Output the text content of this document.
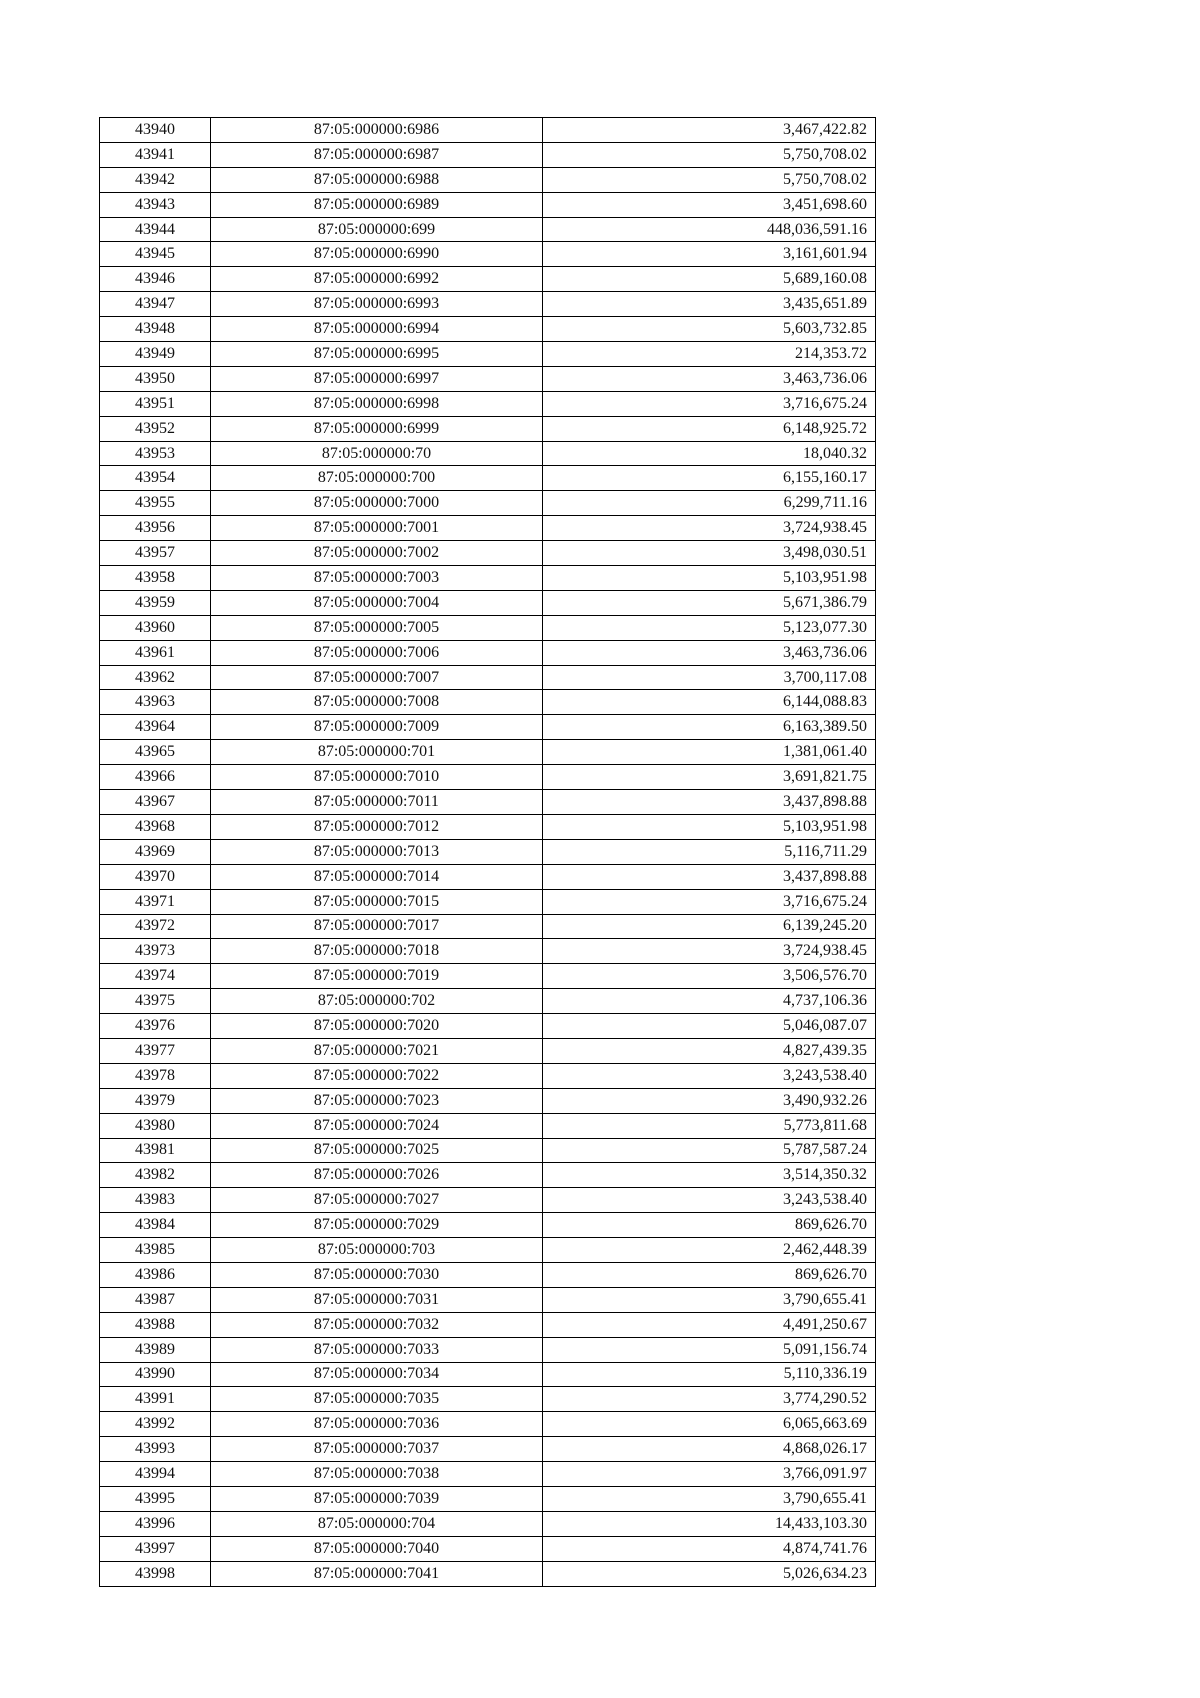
43940	87:05:000000:6986	3,467,422.82
43941	87:05:000000:6987	5,750,708.02
43942	87:05:000000:6988	5,750,708.02
43943	87:05:000000:6989	3,451,698.60
43944	87:05:000000:699	448,036,591.16
43945	87:05:000000:6990	3,161,601.94
43946	87:05:000000:6992	5,689,160.08
43947	87:05:000000:6993	3,435,651.89
43948	87:05:000000:6994	5,603,732.85
43949	87:05:000000:6995	214,353.72
43950	87:05:000000:6997	3,463,736.06
43951	87:05:000000:6998	3,716,675.24
43952	87:05:000000:6999	6,148,925.72
43953	87:05:000000:70	18,040.32
43954	87:05:000000:700	6,155,160.17
43955	87:05:000000:7000	6,299,711.16
43956	87:05:000000:7001	3,724,938.45
43957	87:05:000000:7002	3,498,030.51
43958	87:05:000000:7003	5,103,951.98
43959	87:05:000000:7004	5,671,386.79
43960	87:05:000000:7005	5,123,077.30
43961	87:05:000000:7006	3,463,736.06
43962	87:05:000000:7007	3,700,117.08
43963	87:05:000000:7008	6,144,088.83
43964	87:05:000000:7009	6,163,389.50
43965	87:05:000000:701	1,381,061.40
43966	87:05:000000:7010	3,691,821.75
43967	87:05:000000:7011	3,437,898.88
43968	87:05:000000:7012	5,103,951.98
43969	87:05:000000:7013	5,116,711.29
43970	87:05:000000:7014	3,437,898.88
43971	87:05:000000:7015	3,716,675.24
43972	87:05:000000:7017	6,139,245.20
43973	87:05:000000:7018	3,724,938.45
43974	87:05:000000:7019	3,506,576.70
43975	87:05:000000:702	4,737,106.36
43976	87:05:000000:7020	5,046,087.07
43977	87:05:000000:7021	4,827,439.35
43978	87:05:000000:7022	3,243,538.40
43979	87:05:000000:7023	3,490,932.26
43980	87:05:000000:7024	5,773,811.68
43981	87:05:000000:7025	5,787,587.24
43982	87:05:000000:7026	3,514,350.32
43983	87:05:000000:7027	3,243,538.40
43984	87:05:000000:7029	869,626.70
43985	87:05:000000:703	2,462,448.39
43986	87:05:000000:7030	869,626.70
43987	87:05:000000:7031	3,790,655.41
43988	87:05:000000:7032	4,491,250.67
43989	87:05:000000:7033	5,091,156.74
43990	87:05:000000:7034	5,110,336.19
43991	87:05:000000:7035	3,774,290.52
43992	87:05:000000:7036	6,065,663.69
43993	87:05:000000:7037	4,868,026.17
43994	87:05:000000:7038	3,766,091.97
43995	87:05:000000:7039	3,790,655.41
43996	87:05:000000:704	14,433,103.30
43997	87:05:000000:7040	4,874,741.76
43998	87:05:000000:7041	5,026,634.23
